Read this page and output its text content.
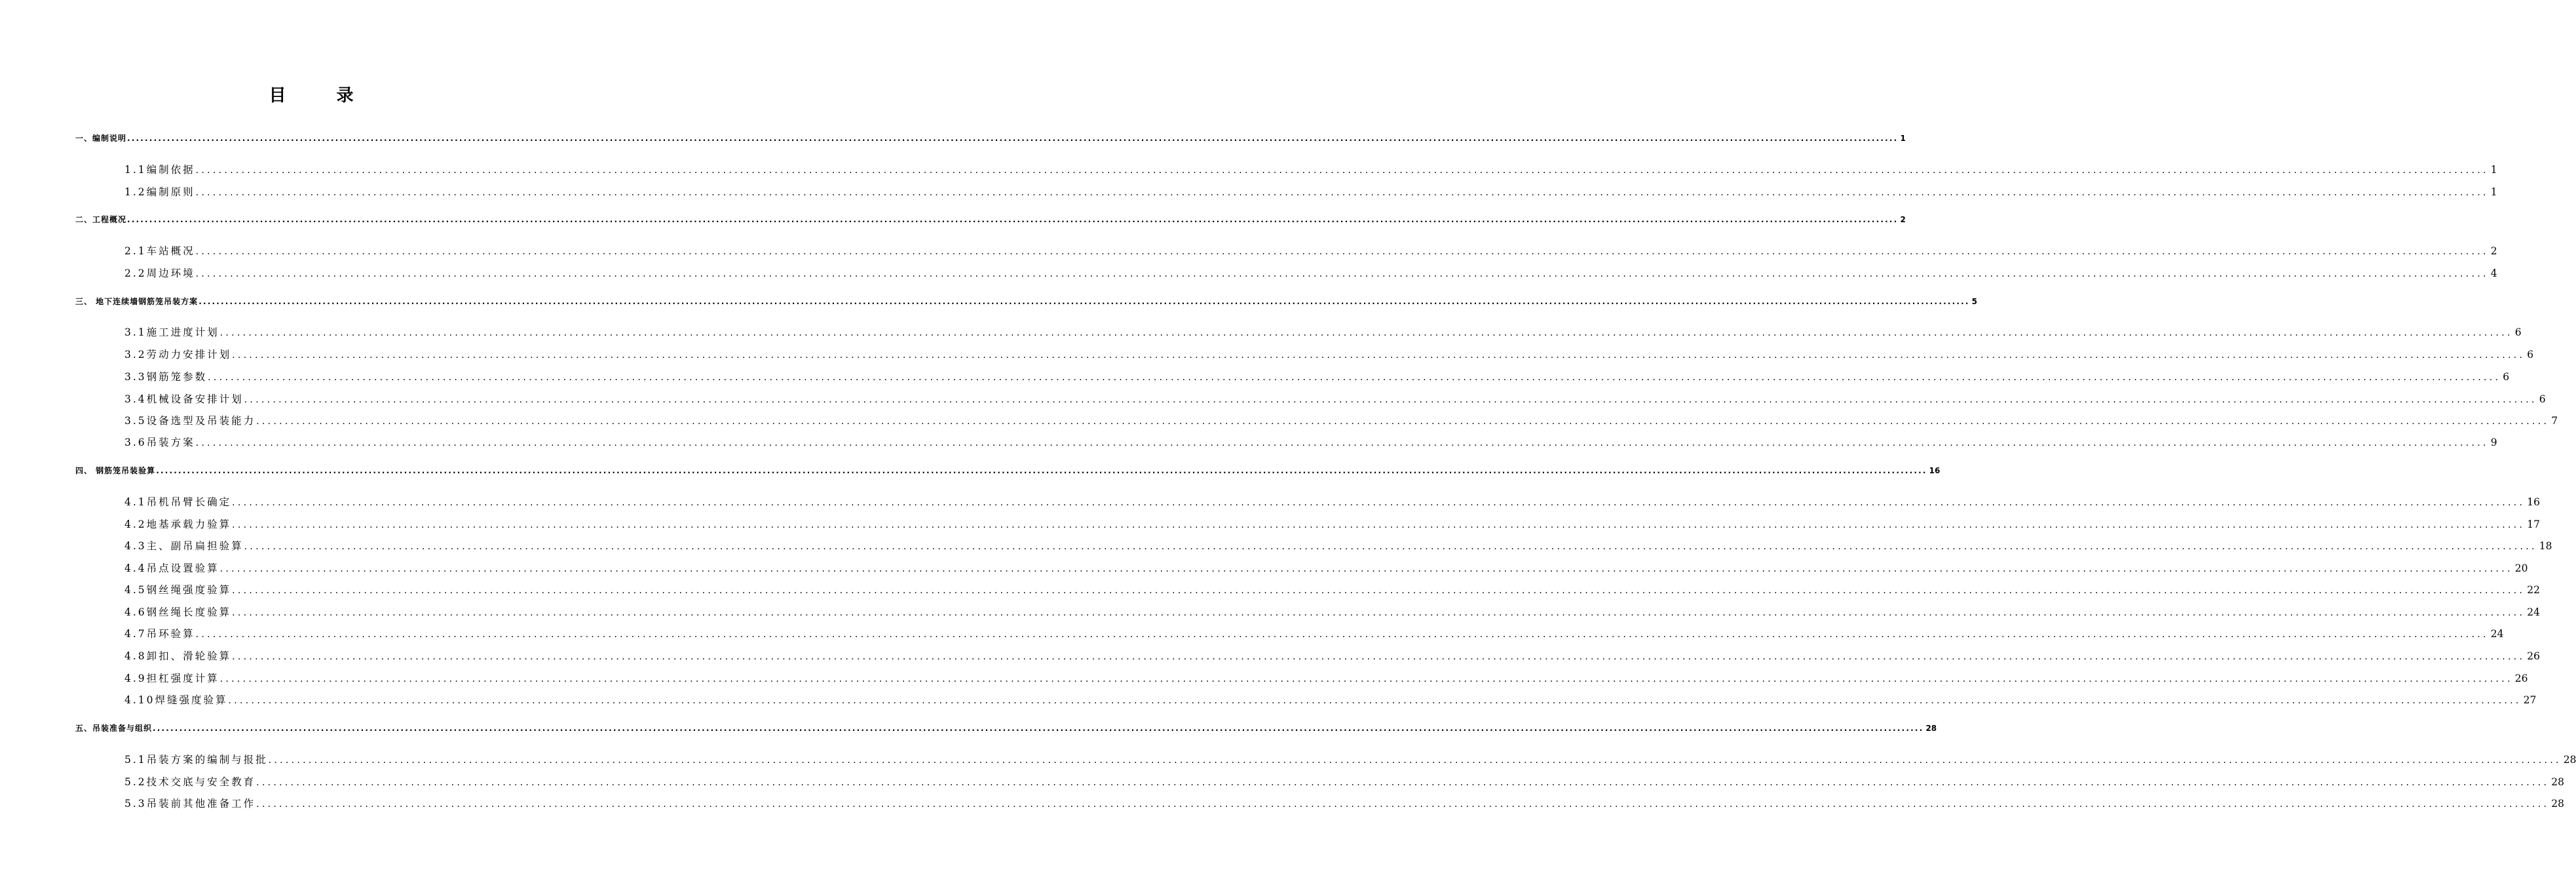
目 录
一、编制说明 ................................................................................................................................................................................................................................................................................................................................................................................................................ 1
1.1编制依据 ................................................................................................................................................................................................................................................................................................................................................................................................................ 1
1.2编制原则 ................................................................................................................................................................................................................................................................................................................................................................................................................ 1
二、工程概况 ................................................................................................................................................................................................................................................................................................................................................................................................................ 2
2.1车站概况 ................................................................................................................................................................................................................................................................................................................................................................................................................ 2
2.2周边环境 ................................................................................................................................................................................................................................................................................................................................................................................................................ 4
三、 地下连续墙钢筋笼吊装方案 ................................................................................................................................................................................................................................................................................................................................................................................................................ 5
3.1施工进度计划 ................................................................................................................................................................................................................................................................................................................................................................................................................ 6
3.2劳动力安排计划 ................................................................................................................................................................................................................................................................................................................................................................................................................ 6
3.3钢筋笼参数 ................................................................................................................................................................................................................................................................................................................................................................................................................ 6
3.4机械设备安排计划 ................................................................................................................................................................................................................................................................................................................................................................................................................ 6
3.5设备选型及吊装能力 ................................................................................................................................................................................................................................................................................................................................................................................................................ 7
3.6吊装方案 ................................................................................................................................................................................................................................................................................................................................................................................................................ 9
四、 钢筋笼吊装验算 ................................................................................................................................................................................................................................................................................................................................................................................................................ 16
4.1吊机吊臂长确定 ................................................................................................................................................................................................................................................................................................................................................................................................................ 16
4.2地基承载力验算 ................................................................................................................................................................................................................................................................................................................................................................................................................ 17
4.3主、副吊扁担验算 ................................................................................................................................................................................................................................................................................................................................................................................................................ 18
4.4吊点设置验算 ................................................................................................................................................................................................................................................................................................................................................................................................................ 20
4.5钢丝绳强度验算 ................................................................................................................................................................................................................................................................................................................................................................................................................ 22
4.6钢丝绳长度验算 ................................................................................................................................................................................................................................................................................................................................................................................................................ 24
4.7吊环验算 ................................................................................................................................................................................................................................................................................................................................................................................................................ 24
4.8卸扣、滑轮验算 ................................................................................................................................................................................................................................................................................................................................................................................................................ 26
4.9担杠强度计算 ................................................................................................................................................................................................................................................................................................................................................................................................................ 26
4.10焊缝强度验算 ................................................................................................................................................................................................................................................................................................................................................................................................................ 27
五、吊装准备与组织 ................................................................................................................................................................................................................................................................................................................................................................................................................ 28
5.1吊装方案的编制与报批 ................................................................................................................................................................................................................................................................................................................................................................................................................ 28
5.2技术交底与安全教育 ................................................................................................................................................................................................................................................................................................................................................................................................................ 28
5.3吊装前其他准备工作 ................................................................................................................................................................................................................................................................................................................................................................................................................ 28
